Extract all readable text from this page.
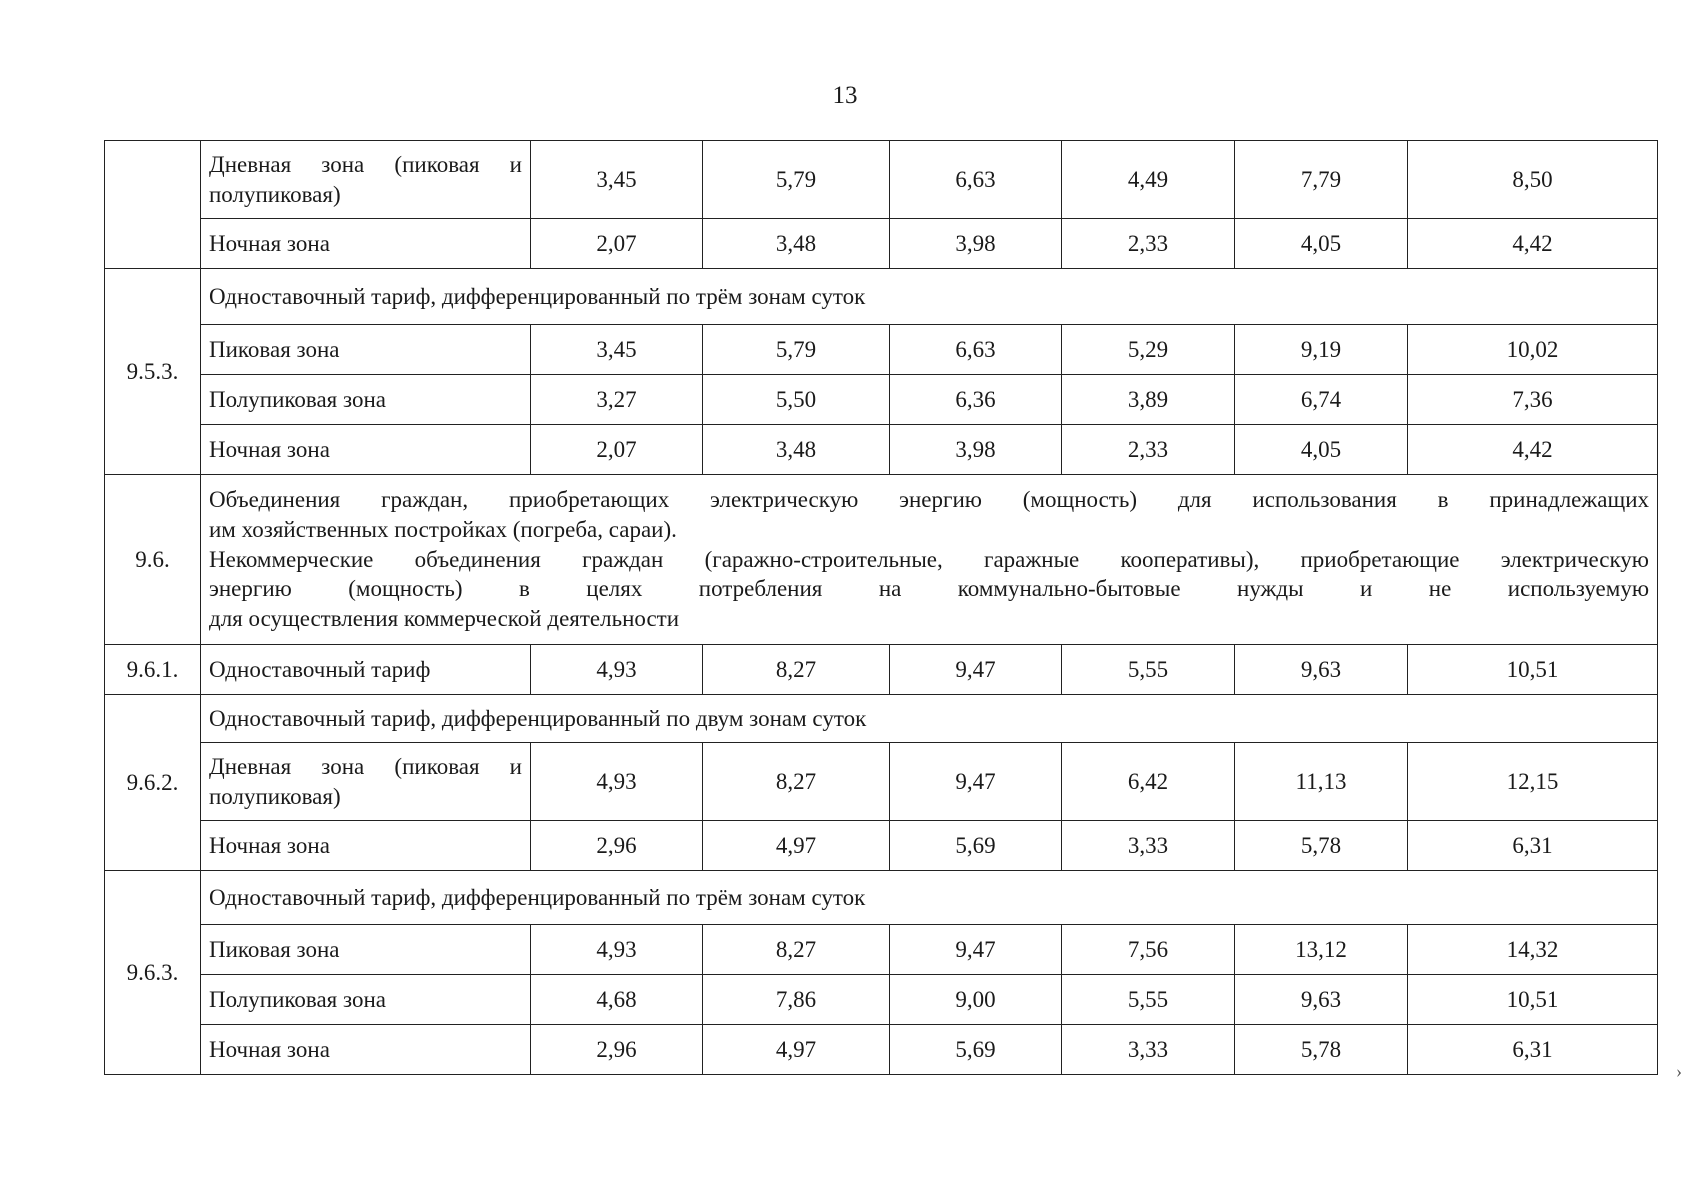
13
	Дневная зона (пиковая и полупиковая)	3,45	5,79	6,63	4,49	7,79	8,50
	Ночная зона	2,07	3,48	3,98	2,33	4,05	4,42
9.5.3.	Одноставочный тариф, дифференцированный по трём зонам суток						
	Пиковая зона	3,45	5,79	6,63	5,29	9,19	10,02
	Полупиковая зона	3,27	5,50	6,36	3,89	6,74	7,36
	Ночная зона	2,07	3,48	3,98	2,33	4,05	4,42
9.6.	Объединения граждан, приобретающих электрическую энергию (мощность) для использования в принадлежащих
им хозяйственных постройках (погреба, сараи).
Некоммерческие объединения граждан (гаражно-строительные, гаражные кооперативы), приобретающие электрическую
энергию (мощность) в целях потребления на коммунально-бытовые нужды и не используемую
для осуществления коммерческой деятельности						

9.6.1.	Одноставочный тариф	4,93	8,27	9,47	5,55	9,63	10,51
9.6.2.	Одноставочный тариф, дифференцированный по двум зонам суток						
	Дневная зона (пиковая и полупиковая)	4,93	8,27	9,47	6,42	11,13	12,15
	Ночная зона	2,96	4,97	5,69	3,33	5,78	6,31
9.6.3.	Одноставочный тариф, дифференцированный по трём зонам суток						
	Пиковая зона	4,93	8,27	9,47	7,56	13,12	14,32
	Полупиковая зона	4,68	7,86	9,00	5,55	9,63	10,51
	Ночная зона	2,96	4,97	5,69	3,33	5,78	6,31
›
